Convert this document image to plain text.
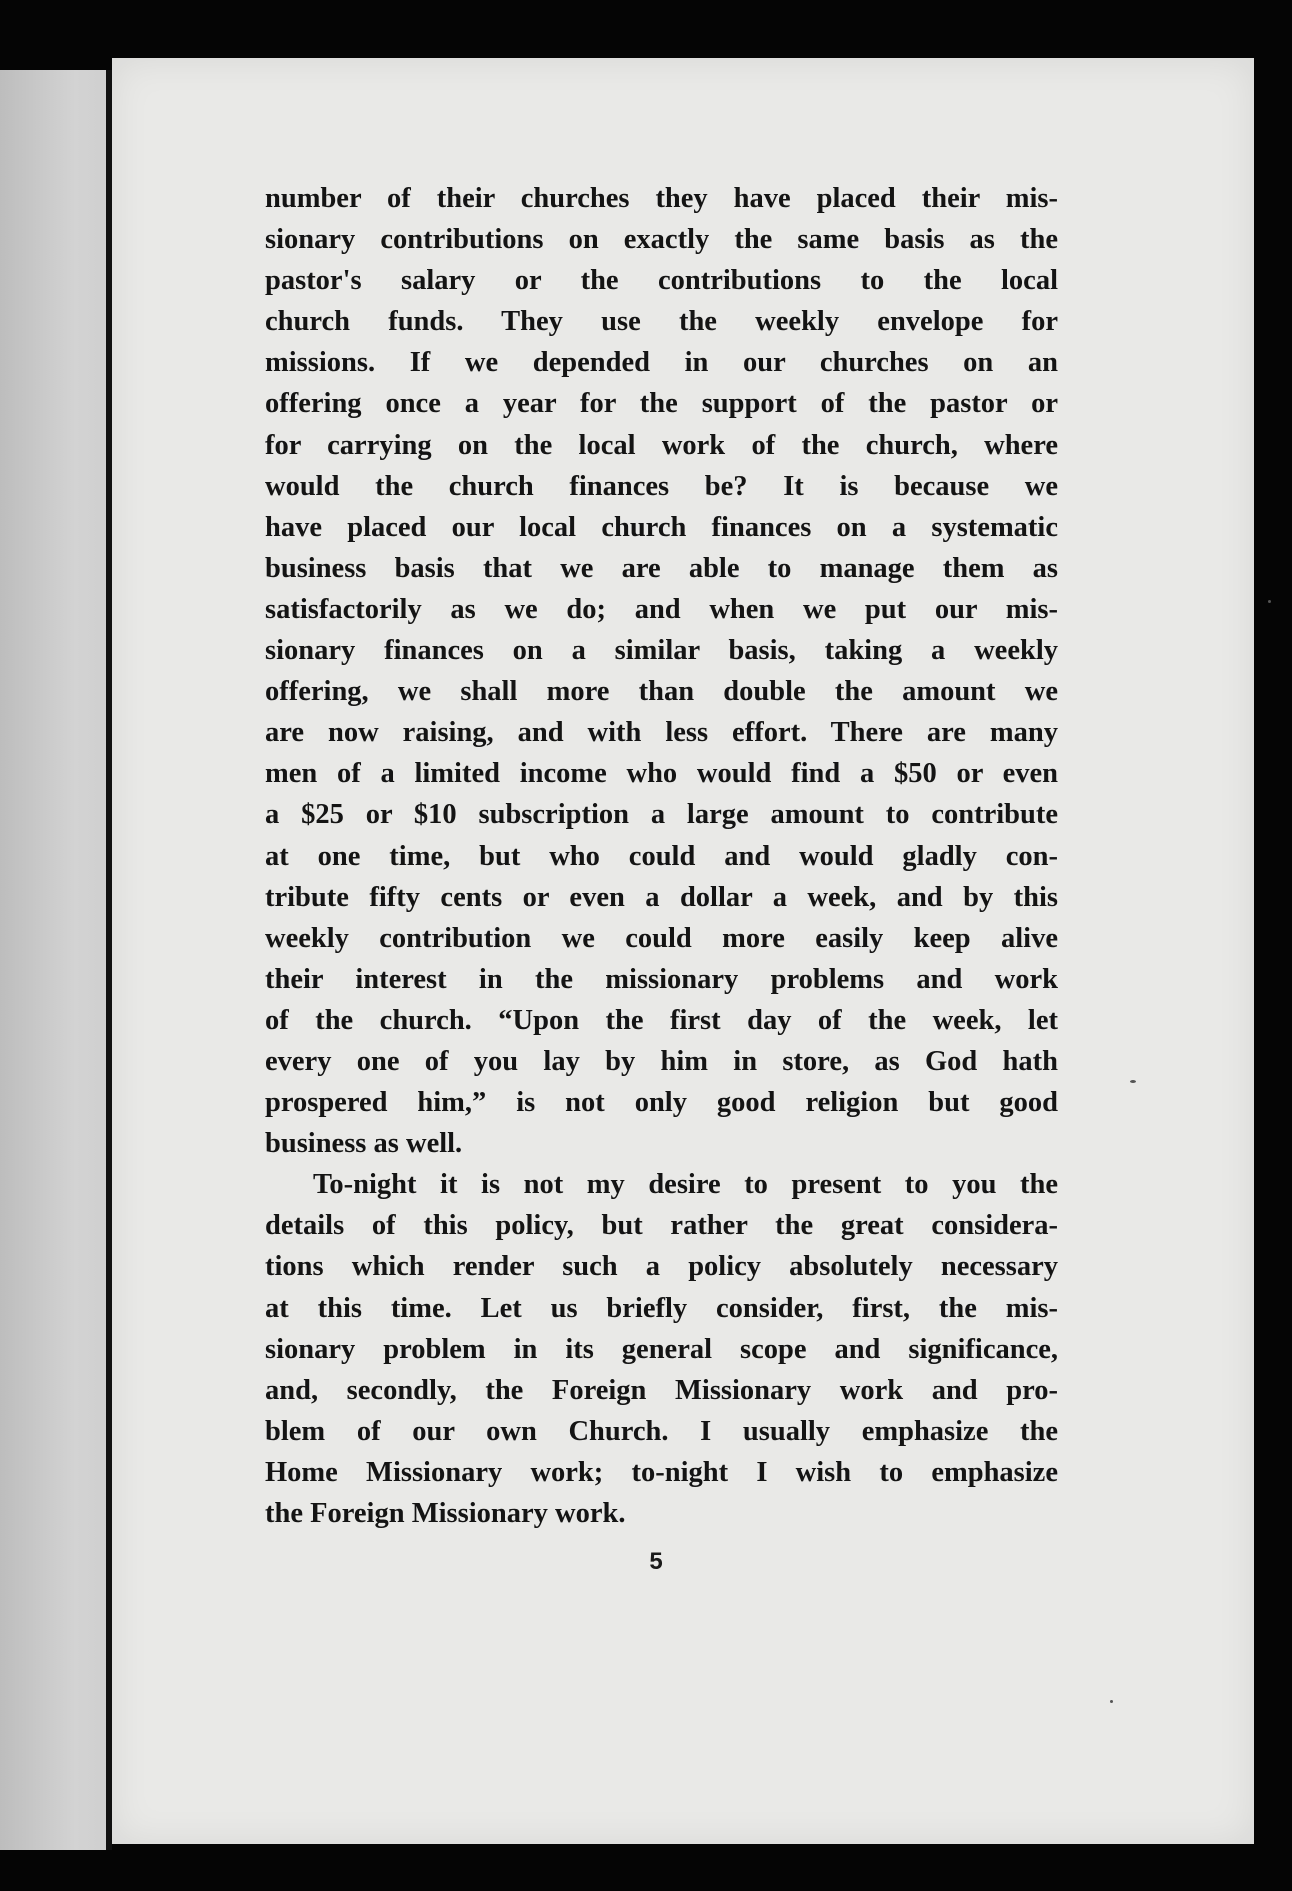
number of their churches they have placed their mis-
sionary contributions on exactly the same basis as the
pastor's salary or the contributions to the local
church funds. They use the weekly envelope for
missions. If we depended in our churches on an
offering once a year for the support of the pastor or
for carrying on the local work of the church, where
would the church finances be? It is because we
have placed our local church finances on a systematic
business basis that we are able to manage them as
satisfactorily as we do; and when we put our mis-
sionary finances on a similar basis, taking a weekly
offering, we shall more than double the amount we
are now raising, and with less effort. There are many
men of a limited income who would find a $50 or even
a $25 or $10 subscription a large amount to contribute
at one time, but who could and would gladly con-
tribute fifty cents or even a dollar a week, and by this
weekly contribution we could more easily keep alive
their interest in the missionary problems and work
of the church. “Upon the first day of the week, let
every one of you lay by him in store, as God hath
prospered him,” is not only good religion but good
business as well.
To-night it is not my desire to present to you the
details of this policy, but rather the great considera-
tions which render such a policy absolutely necessary
at this time. Let us briefly consider, first, the mis-
sionary problem in its general scope and significance,
and, secondly, the Foreign Missionary work and pro-
blem of our own Church. I usually emphasize the
Home Missionary work; to-night I wish to emphasize
the Foreign Missionary work.
5
